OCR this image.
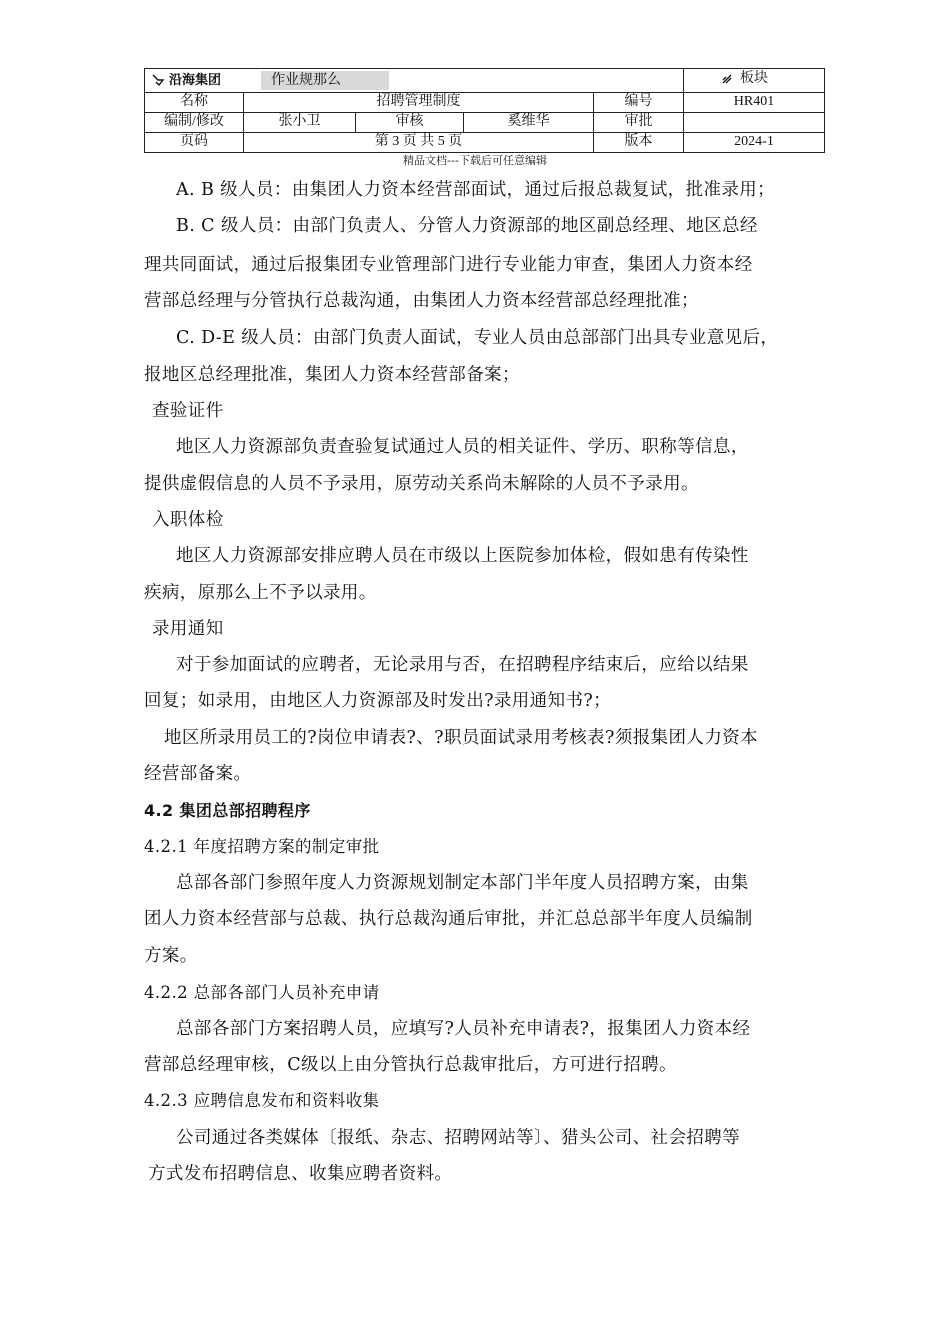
沿海集团 作业规那么					板块

名称	招聘管理制度			编号	HR401
编制/修改	张小卫	审核	奚维华	审批	
页码	第 3 页 共 5 页			版本	2024-1
精品文档---下载后可任意编辑
A. B 级人员：由集团人力资本经营部面试，通过后报总裁复试，批准录用；
B. C 级人员：由部门负责人、分管人力资源部的地区副总经理、地区总经
理共同面试，通过后报集团专业管理部门进行专业能力审查，集团人力资本经
营部总经理与分管执行总裁沟通，由集团人力资本经营部总经理批准；
C. D-E 级人员：由部门负责人面试，专业人员由总部部门出具专业意见后，
报地区总经理批准，集团人力资本经营部备案；
查验证件
地区人力资源部负责查验复试通过人员的相关证件、学历、职称等信息，
提供虚假信息的人员不予录用，原劳动关系尚未解除的人员不予录用。
入职体检
地区人力资源部安排应聘人员在市级以上医院参加体检，假如患有传染性
疾病，原那么上不予以录用。
录用通知
对于参加面试的应聘者，无论录用与否，在招聘程序结束后，应给以结果
回复；如录用，由地区人力资源部及时发出?录用通知书?；
地区所录用员工的?岗位申请表?、?职员面试录用考核表?须报集团人力资本
经营部备案。
4.2 集团总部招聘程序
4.2.1 年度招聘方案的制定审批
总部各部门参照年度人力资源规划制定本部门半年度人员招聘方案，由集
团人力资本经营部与总裁、执行总裁沟通后审批，并汇总总部半年度人员编制
方案。
4.2.2 总部各部门人员补充申请
总部各部门方案招聘人员，应填写?人员补充申请表?，报集团人力资本经
营部总经理审核，C级以上由分管执行总裁审批后，方可进行招聘。
4.2.3 应聘信息发布和资料收集
公司通过各类媒体〔报纸、杂志、招聘网站等〕、猎头公司、社会招聘等
方式发布招聘信息、收集应聘者资料。
